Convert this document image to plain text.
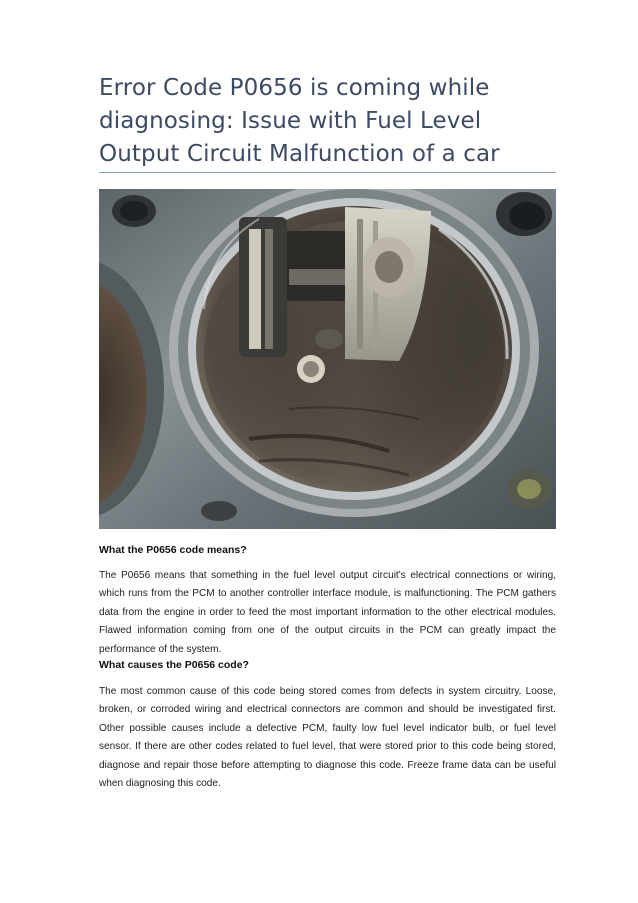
Error Code P0656 is coming while diagnosing: Issue with Fuel Level Output Circuit Malfunction of a car

What the P0656 code means?

The P0656 means that something in the fuel level output circuit's electrical connections or wiring, which runs from the PCM to another controller interface module, is malfunctioning. The PCM gathers data from the engine in order to feed the most important information to the other electrical modules. Flawed information coming from one of the output circuits in the PCM can greatly impact the performance of the system.

What causes the P0656 code?

The most common cause of this code being stored comes from defects in system circuitry. Loose, broken, or corroded wiring and electrical connectors are common and should be investigated first. Other possible causes include a defective PCM, faulty low fuel level indicator bulb, or fuel level sensor. If there are other codes related to fuel level, that were stored prior to this code being stored, diagnose and repair those before attempting to diagnose this code. Freeze frame data can be useful when diagnosing this code.
